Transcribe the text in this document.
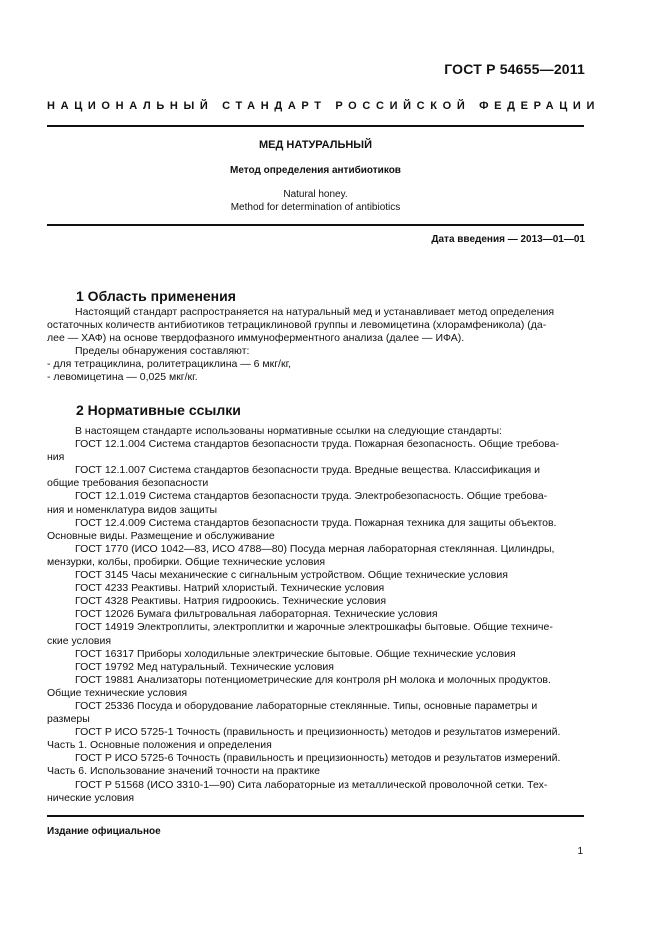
ГОСТ Р 54655—2011
НАЦИОНАЛЬНЫЙ СТАНДАРТ РОССИЙСКОЙ ФЕДЕРАЦИИ
МЕД НАТУРАЛЬНЫЙ
Метод определения антибиотиков
Natural honey.
Method for determination of antibiotics
Дата введения — 2013—01—01
1 Область применения
Настоящий стандарт распространяется на натуральный мед и устанавливает метод определения
остаточных количеств антибиотиков тетрациклиновой группы и левомицетина (хлорамфеникола) (да-
лее — ХАФ) на основе твердофазного иммуноферментного анализа (далее — ИФА).
Пределы обнаружения составляют:
- для тетрациклина, ролитетрациклина — 6 мкг/кг,
- левомицетина — 0,025 мкг/кг.
2 Нормативные ссылки
В настоящем стандарте использованы нормативные ссылки на следующие стандарты:
ГОСТ 12.1.004 Система стандартов безопасности труда. Пожарная безопасность. Общие требова-
ния
ГОСТ 12.1.007 Система стандартов безопасности труда. Вредные вещества. Классификация и
общие требования безопасности
ГОСТ 12.1.019 Система стандартов безопасности труда. Электробезопасность. Общие требова-
ния и номенклатура видов защиты
ГОСТ 12.4.009 Система стандартов безопасности труда. Пожарная техника для защиты объектов.
Основные виды. Размещение и обслуживание
ГОСТ 1770 (ИСО 1042—83, ИСО 4788—80) Посуда мерная лабораторная стеклянная. Цилиндры,
мензурки, колбы, пробирки. Общие технические условия
ГОСТ 3145 Часы механические с сигнальным устройством. Общие технические условия
ГОСТ 4233 Реактивы. Натрий хлористый. Технические условия
ГОСТ 4328 Реактивы. Натрия гидроокись. Технические условия
ГОСТ 12026 Бумага фильтровальная лабораторная. Технические условия
ГОСТ 14919 Электроплиты, электроплитки и жарочные электрошкафы бытовые. Общие техниче-
ские условия
ГОСТ 16317 Приборы холодильные электрические бытовые. Общие технические условия
ГОСТ 19792 Мед натуральный. Технические условия
ГОСТ 19881 Анализаторы потенциометрические для контроля pH молока и молочных продуктов.
Общие технические условия
ГОСТ 25336 Посуда и оборудование лабораторные стеклянные. Типы, основные параметры и
размеры
ГОСТ Р ИСО 5725-1 Точность (правильность и прецизионность) методов и результатов измерений.
Часть 1. Основные положения и определения
ГОСТ Р ИСО 5725-6 Точность (правильность и прецизионность) методов и результатов измерений.
Часть 6. Использование значений точности на практике
ГОСТ Р 51568 (ИСО 3310-1—90) Сита лабораторные из металлической проволочной сетки. Тех-
нические условия
Издание официальное
1
